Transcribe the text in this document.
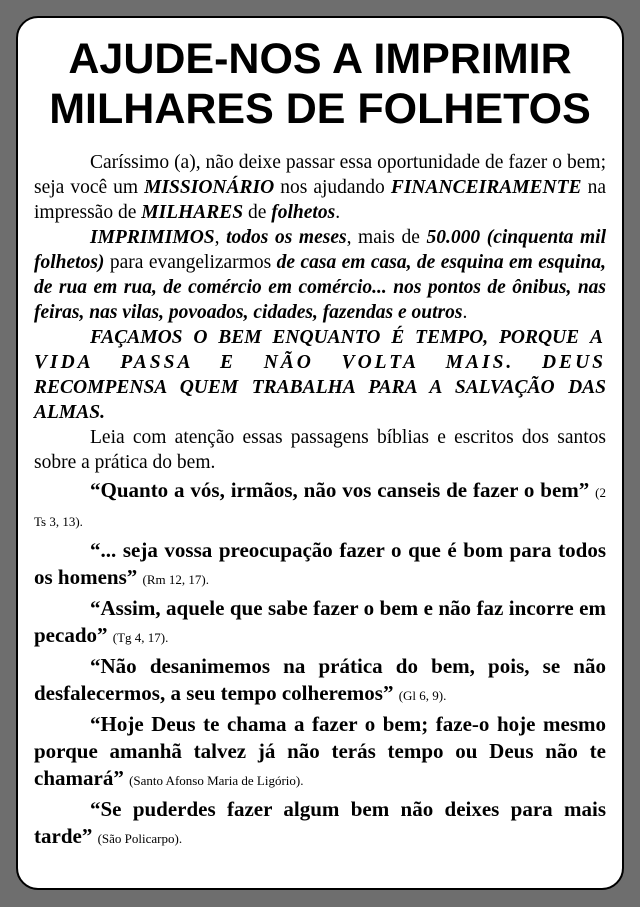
AJUDE-NOS A IMPRIMIR
MILHARES DE FOLHETOS

Caríssimo (a), não deixe passar essa oportunidade de fazer o bem; seja você um MISSIONÁRIO nos ajudando FINANCEIRAMENTE na impressão de MILHARES de folhetos.

IMPRIMIMOS, todos os meses, mais de 50.000 (cinquenta mil folhetos) para evangelizarmos de casa em casa, de esquina em esquina, de rua em rua, de comércio em comércio... nos pontos de ônibus, nas feiras, nas vilas, povoados, cidades, fazendas e outros.

FAÇAMOS O BEM ENQUANTO É TEMPO, PORQUE A VIDA PASSA E NÃO VOLTA MAIS. DEUS RECOMPENSA QUEM TRABALHA PARA A SALVAÇÃO DAS ALMAS.

Leia com atenção essas passagens bíblias e escritos dos santos sobre a prática do bem.

“Quanto a vós, irmãos, não vos canseis de fazer o bem” (2 Ts 3, 13).

“... seja vossa preocupação fazer o que é bom para todos os homens” (Rm 12, 17).

“Assim, aquele que sabe fazer o bem e não faz incorre em pecado” (Tg 4, 17).

“Não desanimemos na prática do bem, pois, se não desfalecermos, a seu tempo colheremos” (Gl 6, 9).

“Hoje Deus te chama a fazer o bem; faze-o hoje mesmo porque amanhã talvez já não terás tempo ou Deus não te chamará” (Santo Afonso Maria de Ligório).

“Se puderdes fazer algum bem não deixes para mais tarde” (São Policarpo).
